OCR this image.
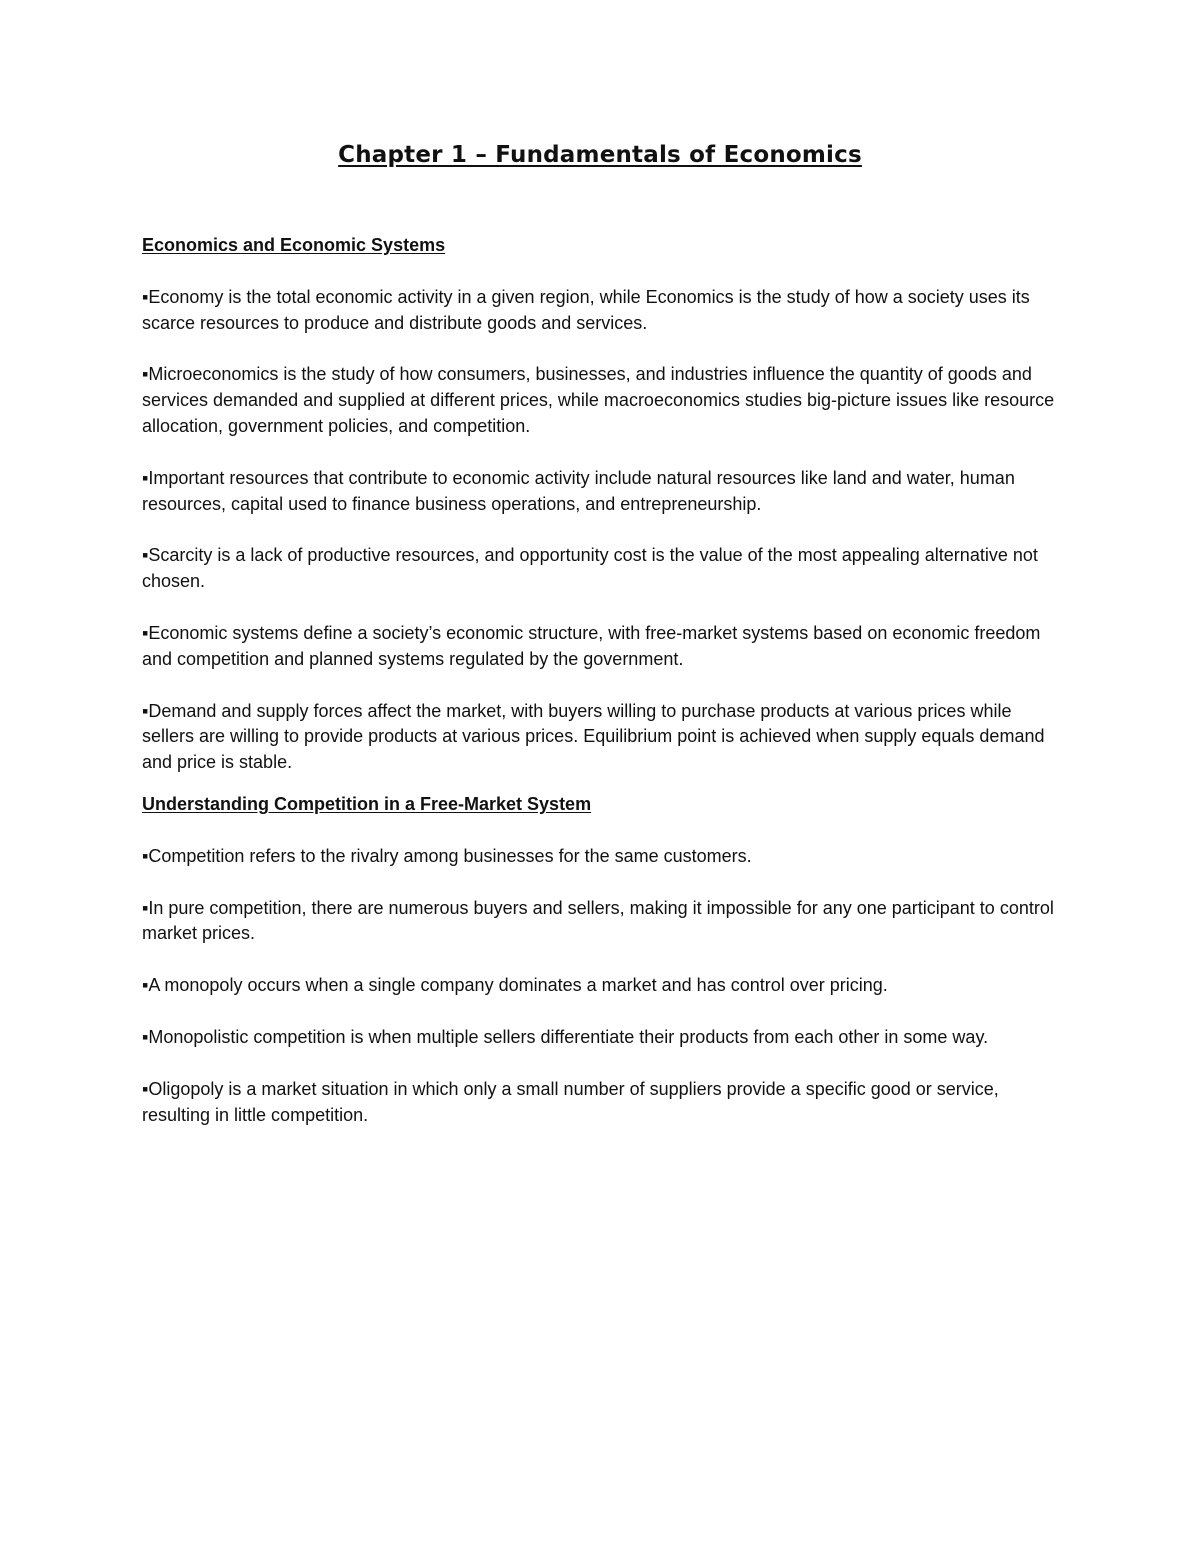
Chapter 1 – Fundamentals of Economics
Economics and Economic Systems

▪Economy is the total economic activity in a given region, while Economics is the study of how a society uses its scarce resources to produce and distribute goods and services.

▪Microeconomics is the study of how consumers, businesses, and industries influence the quantity of goods and services demanded and supplied at different prices, while macroeconomics studies big-picture issues like resource allocation, government policies, and competition.

▪Important resources that contribute to economic activity include natural resources like land and water, human resources, capital used to finance business operations, and entrepreneurship.

▪Scarcity is a lack of productive resources, and opportunity cost is the value of the most appealing alternative not chosen.

▪Economic systems define a society’s economic structure, with free-market systems based on economic freedom and competition and planned systems regulated by the government.

▪Demand and supply forces affect the market, with buyers willing to purchase products at various prices while sellers are willing to provide products at various prices. Equilibrium point is achieved when supply equals demand and price is stable.

Understanding Competition in a Free-Market System

▪Competition refers to the rivalry among businesses for the same customers.

▪In pure competition, there are numerous buyers and sellers, making it impossible for any one participant to control market prices.

▪A monopoly occurs when a single company dominates a market and has control over pricing.

▪Monopolistic competition is when multiple sellers differentiate their products from each other in some way.

▪Oligopoly is a market situation in which only a small number of suppliers provide a specific good or service, resulting in little competition.
